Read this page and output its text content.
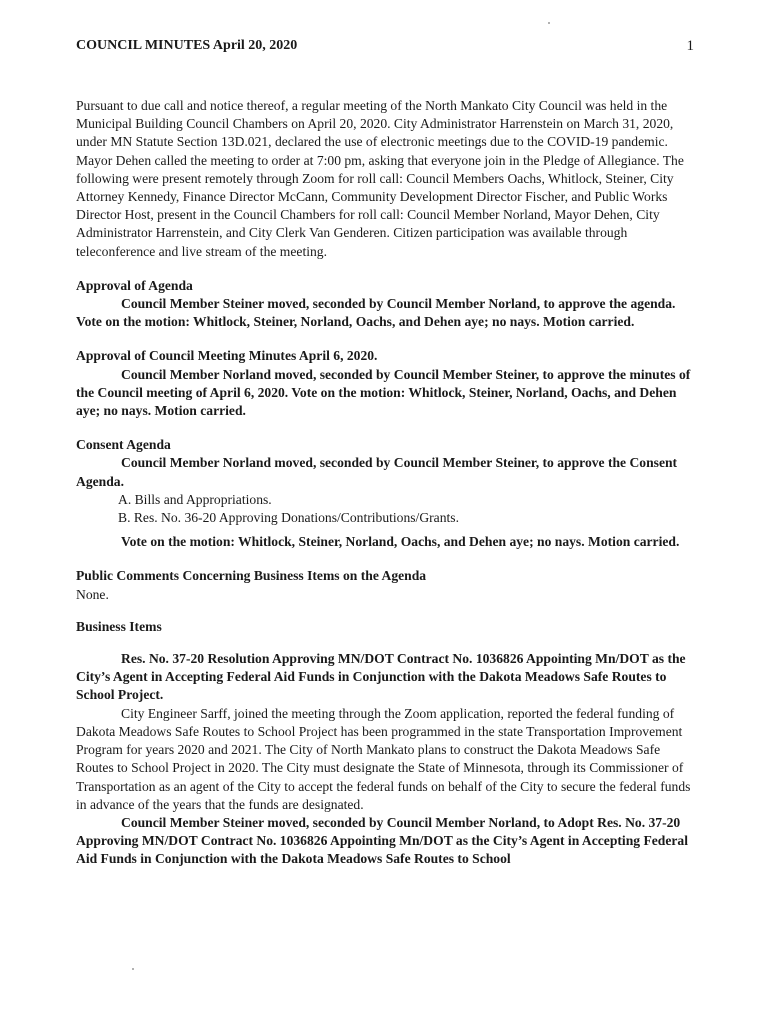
COUNCIL MINUTES April 20, 2020	1

Pursuant to due call and notice thereof, a regular meeting of the North Mankato City Council was held in the Municipal Building Council Chambers on April 20, 2020. City Administrator Harrenstein on March 31, 2020, under MN Statute Section 13D.021, declared the use of electronic meetings due to the COVID-19 pandemic. Mayor Dehen called the meeting to order at 7:00 pm, asking that everyone join in the Pledge of Allegiance. The following were present remotely through Zoom for roll call: Council Members Oachs, Whitlock, Steiner, City Attorney Kennedy, Finance Director McCann, Community Development Director Fischer, and Public Works Director Host, present in the Council Chambers for roll call: Council Member Norland, Mayor Dehen, City Administrator Harrenstein, and City Clerk Van Genderen. Citizen participation was available through teleconference and live stream of the meeting.

Approval of Agenda

Council Member Steiner moved, seconded by Council Member Norland, to approve the agenda. Vote on the motion: Whitlock, Steiner, Norland, Oachs, and Dehen aye; no nays. Motion carried.

Approval of Council Meeting Minutes April 6, 2020.

Council Member Norland moved, seconded by Council Member Steiner, to approve the minutes of the Council meeting of April 6, 2020. Vote on the motion: Whitlock, Steiner, Norland, Oachs, and Dehen aye; no nays. Motion carried.

Consent Agenda

Council Member Norland moved, seconded by Council Member Steiner, to approve the Consent Agenda.

A. Bills and Appropriations.

B. Res. No. 36-20 Approving Donations/Contributions/Grants.

Vote on the motion: Whitlock, Steiner, Norland, Oachs, and Dehen aye; no nays. Motion carried.

Public Comments Concerning Business Items on the Agenda

None.

Business Items

Res. No. 37-20 Resolution Approving MN/DOT Contract No. 1036826 Appointing Mn/DOT as the City’s Agent in Accepting Federal Aid Funds in Conjunction with the Dakota Meadows Safe Routes to School Project.

City Engineer Sarff, joined the meeting through the Zoom application, reported the federal funding of Dakota Meadows Safe Routes to School Project has been programmed in the state Transportation Improvement Program for years 2020 and 2021. The City of North Mankato plans to construct the Dakota Meadows Safe Routes to School Project in 2020. The City must designate the State of Minnesota, through its Commissioner of Transportation as an agent of the City to accept the federal funds on behalf of the City to secure the federal funds in advance of the years that the funds are designated.

Council Member Steiner moved, seconded by Council Member Norland, to Adopt Res. No. 37-20 Approving MN/DOT Contract No. 1036826 Appointing Mn/DOT as the City’s Agent in Accepting Federal Aid Funds in Conjunction with the Dakota Meadows Safe Routes to School
